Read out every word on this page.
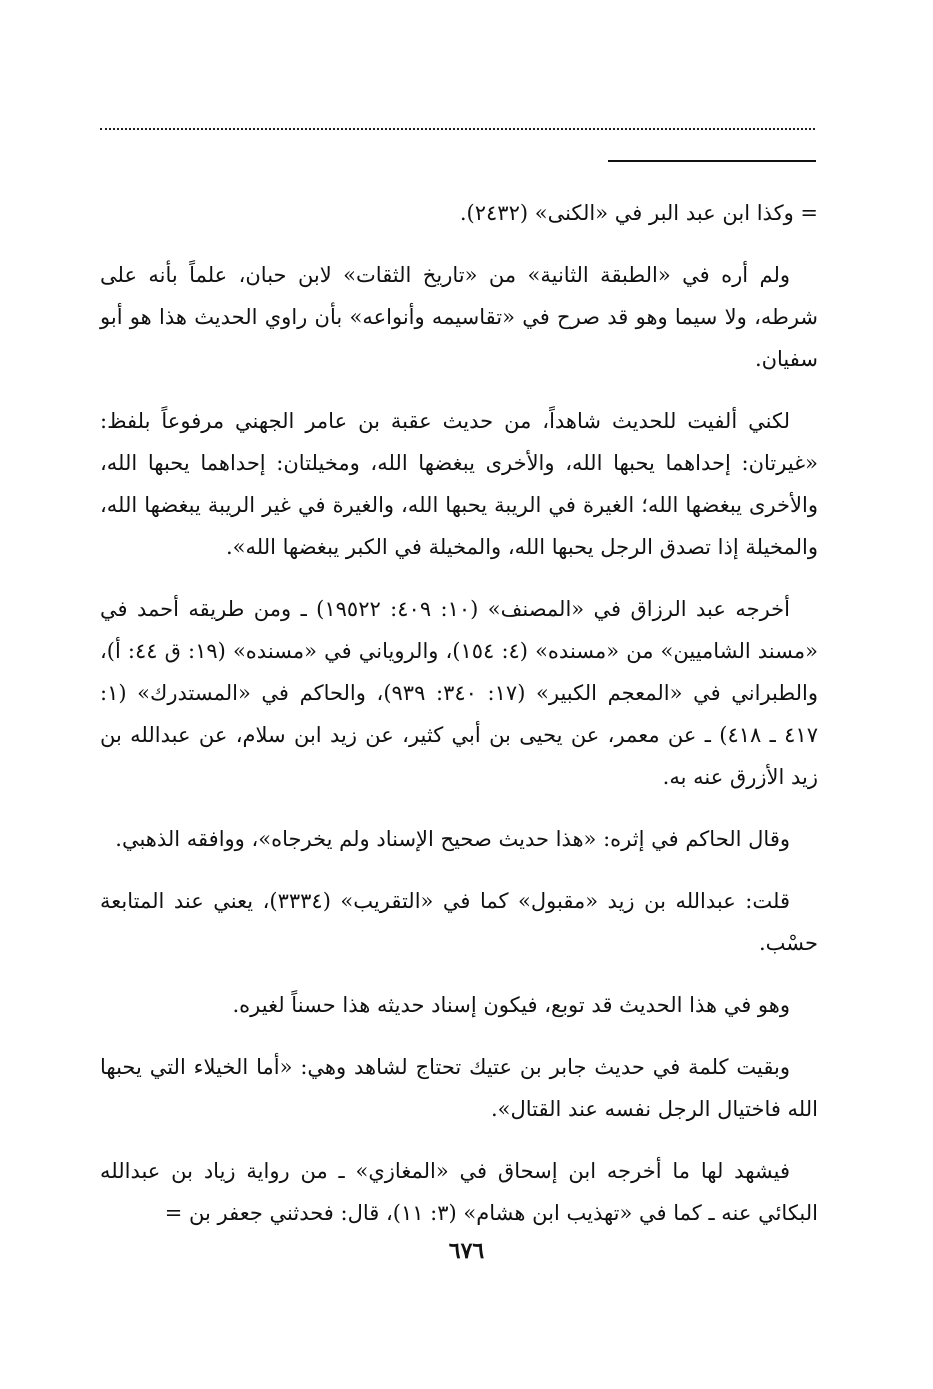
= وكذا ابن عبد البر في «الكنى» (٢٤٣٢).

ولم أره في «الطبقة الثانية» من «تاريخ الثقات» لابن حبان، علماً بأنه على شرطه، ولا سيما وهو قد صرح في «تقاسيمه وأنواعه» بأن راوي الحديث هذا هو أبو سفيان.

لكني ألفيت للحديث شاهداً، من حديث عقبة بن عامر الجهني مرفوعاً بلفظ: «غيرتان: إحداهما يحبها الله، والأخرى يبغضها الله، ومخيلتان: إحداهما يحبها الله، والأخرى يبغضها الله؛ الغيرة في الريبة يحبها الله، والغيرة في غير الريبة يبغضها الله، والمخيلة إذا تصدق الرجل يحبها الله، والمخيلة في الكبر يبغضها الله».

أخرجه عبد الرزاق في «المصنف» (١٠: ٤٠٩: ١٩٥٢٢) ـ ومن طريقه أحمد في «مسند الشاميين» من «مسنده» (٤: ١٥٤)، والروياني في «مسنده» (١٩: ق ٤٤: أ)، والطبراني في «المعجم الكبير» (١٧: ٣٤٠: ٩٣٩)، والحاكم في «المستدرك» (١: ٤١٧ ـ ٤١٨) ـ عن معمر، عن يحيى بن أبي كثير، عن زيد ابن سلام، عن عبدالله بن زيد الأزرق عنه به.

وقال الحاكم في إثره: «هذا حديث صحيح الإسناد ولم يخرجاه»، ووافقه الذهبي.

قلت: عبدالله بن زيد «مقبول» كما في «التقريب» (٣٣٣٤)، يعني عند المتابعة حسْب.

وهو في هذا الحديث قد توبع، فيكون إسناد حديثه هذا حسناً لغيره.

وبقيت كلمة في حديث جابر بن عتيك تحتاج لشاهد وهي: «أما الخيلاء التي يحبها الله فاختيال الرجل نفسه عند القتال».

فيشهد لها ما أخرجه ابن إسحاق في «المغازي» ـ من رواية زياد بن عبدالله البكائي عنه ـ كما في «تهذيب ابن هشام» (٣: ١١)، قال: فحدثني جعفر بن =

٦٧٦
